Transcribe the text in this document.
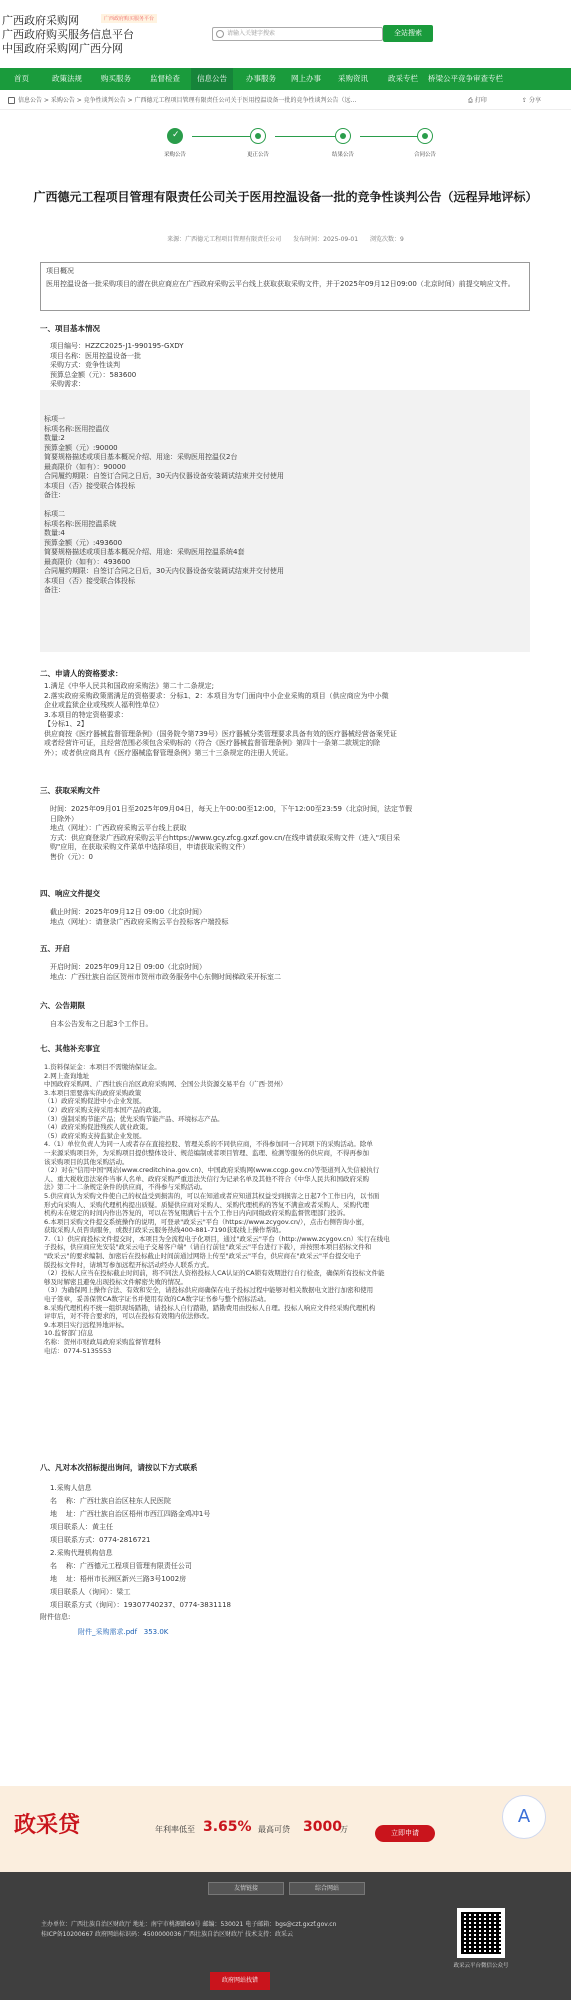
广西政府采购网
广西政府购买服务信息平台
中国政府采购网广西分网
广西政府购买服务平台
请输入关键字搜索	全站搜索
首页	政策法规	购买服务	监督检查	信息公告	办事服务 网上办事 采购资讯	政采专栏 桥梁公平竞争审查专栏
信息公告 > 采购公告 > 竞争性谈判公告 > 广西德元工程项目管理有限责任公司关于医用控温设备一批的竞争性谈判公告（远...	⎙ 打印	⇪ 分享
✓
采购公告	更正公告	结果公告	合同公告
广西德元工程项目管理有限责任公司关于医用控温设备一批的竞争性谈判公告（远程异地评标）
来源：广西德元工程项目管理有限责任公司 发布时间：2025-09-01 浏览次数：9
项目概况
医用控温设备一批采购项目的潜在供应商应在广西政府采购云平台线上获取获取采购文件，并于2025年09月12日09:00（北京时间）前提交响应文件。
一、项目基本情况
项目编号：HZZC2025-J1-990195-GXDY
项目名称：医用控温设备一批
采购方式：竞争性谈判
预算总金额（元）：583600
采购需求：
标项一
标项名称:医用控温仪
数量:2
预算金额（元）:90000
简要规格描述或项目基本概况介绍、用途：采购医用控温仪2台
最高限价（如有）：90000
合同履约期限：自签订合同之日后，30天内仪器设备安装调试结束并交付使用
本项目（否）接受联合体投标
备注：

标项二
标项名称:医用控温系统
数量:4
预算金额（元）:493600
简要规格描述或项目基本概况介绍、用途：采购医用控温系统4套
最高限价（如有）：493600
合同履约期限：自签订合同之日后，30天内仪器设备安装调试结束并交付使用
本项目（否）接受联合体投标
备注：
二、申请人的资格要求：
1.满足《中华人民共和国政府采购法》第二十二条规定;
2.落实政府采购政策需满足的资格要求：分标1、2：本项目为专门面向中小企业采购的项目（供应商应为中小微
企业或监狱企业或残疾人福利性单位）
3.本项目的特定资格要求：
【分标1、2】
供应商按《医疗器械监督管理条例》（国务院令第739号）医疗器械分类管理要求具备有效的医疗器械经营备案凭证
或者经营许可证，且经营范围必须包含采购标的（符合《医疗器械监督管理条例》第四十一条第二款规定的除
外）；或者供应商具有《医疗器械监督管理条例》第三十三条规定的注册人凭证。
三、获取采购文件
时间：2025年09月01日至2025年09月04日，每天上午00:00至12:00，下午12:00至23:59（北京时间，法定节假
日除外）
地点（网址）：广西政府采购云平台线上获取
方式：供应商登录广西政府采购云平台https://www.gcy.zfcg.gxzf.gov.cn/在线申请获取采购文件（进入"项目采
购"应用，在获取采购文件菜单中选择项目，申请获取采购文件）
售价（元）：0
四、响应文件提交
截止时间：2025年09月12日 09:00（北京时间）
地点（网址）：请登录广西政府采购云平台投标客户端投标
五、开启
开启时间：2025年09月12日 09:00（北京时间）
地点：广西壮族自治区贺州市贺州市政务服务中心东侧时间梯政采开标室二
六、公告期限
自本公告发布之日起3个工作日。
七、其他补充事宜
1.资料保证金：本项目不需缴纳保证金。
2.网上查询地址
中国政府采购网、广西壮族自治区政府采购网、全国公共资源交易平台（广西·贺州）
3.本项目需要落实的政府采购政策
（1）政府采购促进中小企业发展。
（2）政府采购支持采用本国产品的政策。
（3）强制采购节能产品；优先采购节能产品、环境标志产品。
（4）政府采购促进残疾人就业政策。
（5）政府采购支持监狱企业发展。
4.（1）单位负责人为同一人或者存在直接控股、管理关系的不同供应商，不得参加同一合同项下的采购活动。除单
一来源采购项目外，为采购项目提供整体设计、规范编制或者项目管理、监理、检测等服务的供应商，不得再参加
该采购项目的其他采购活动。
（2）对在"信用中国"网站(www.creditchina.gov.cn)、中国政府采购网(www.ccgp.gov.cn)等渠道列入失信被执行
人、重大税收违法案件当事人名单、政府采购严重违法失信行为记录名单及其他不符合《中华人民共和国政府采购
法》第二十二条规定条件的供应商，不得参与采购活动。
5.供应商认为采购文件使自己的权益受到损害的，可以在知道或者应知道其权益受到损害之日起7个工作日内，以书面
形式向采购人、采购代理机构提出质疑。质疑供应商对采购人、采购代理机构的答复不满意或者采购人、采购代理
机构未在规定的时间内作出答复的，可以在答复期满后十五个工作日内向同级政府采购监督管理部门投诉。
6.本项目采购文件提交系统操作的说明，可登录"政采云"平台（https://www.zcygov.cn/），点击右侧咨询小蜜，
获取采购人员咨询服务，或拨打政采云服务热线400-881-7190获取线上操作帮助。
7.（1）供应商投标文件提交时，本项目为全流程电子化项目，通过"政采云"平台（http://www.zcygov.cn）实行在线电
子投标，供应商应先安装"政采云电子交易客户端"（请自行前往"政采云"平台进行下载），并按照本项目招标文件和
"政采云"的要求编制、加密后在投标截止时间前通过网络上传至"政采云"平台，供应商在"政采云"平台提交电子
版投标文件时，请填写参加远程开标活动经办人联系方式。
（2）投标人应当在投标截止时间前，将不同法人资格投标人CA认证的CA锁有效期进行自行检查，确保所有投标文件能
够及时解密且避免出现投标文件解密失败的情况。
（3）为确保网上操作合法、有效和安全，请投标供应商确保在电子投标过程中能够对相关数据电文进行加密和使用
电子签章，妥善保管CA数字证书并使用有效的CA数字证书参与整个招标活动。
8.采购代理机构不统一组织现场踏勘，请投标人自行踏勘，踏勘费用由投标人自理。投标人响应文件经采购代理机构
评审后，对不符合要求的，可以在投标有效期内依法修改。
9.本项目实行远程异地评标。
10.监督部门信息
名称：贺州市财政局政府采购监督管理科
电话：0774-5135553
八、凡对本次招标提出询问，请按以下方式联系
1.采购人信息
名    称：广西壮族自治区桂东人民医院
地    址：广西壮族自治区梧州市西江四路金鸡冲1号
项目联系人：黄主任
项目联系方式：0774-2816721
2.采购代理机构信息
名    称：广西德元工程项目管理有限责任公司
地    址：梧州市长洲区新兴三路3号1002房
项目联系人（询问）：梁工
项目联系方式（询问）：19307740237、0774-3831118
附件信息:
附件_采购需求.pdf 353.0K
政采贷	年利率低至 3.65% 最高可贷 3000
万	立即申请
A
友情链接	综合网站
主办单位：广西壮族自治区财政厅 地址：南宁市桃源路69号 邮编：530021 电子邮箱：bgs@czt.gxzf.gov.cn
桂ICP备10200667 政府网站标识码：4500000036 广西壮族自治区财政厅 技术支持：政采云
政采云平台微信公众号
政府网站找错
